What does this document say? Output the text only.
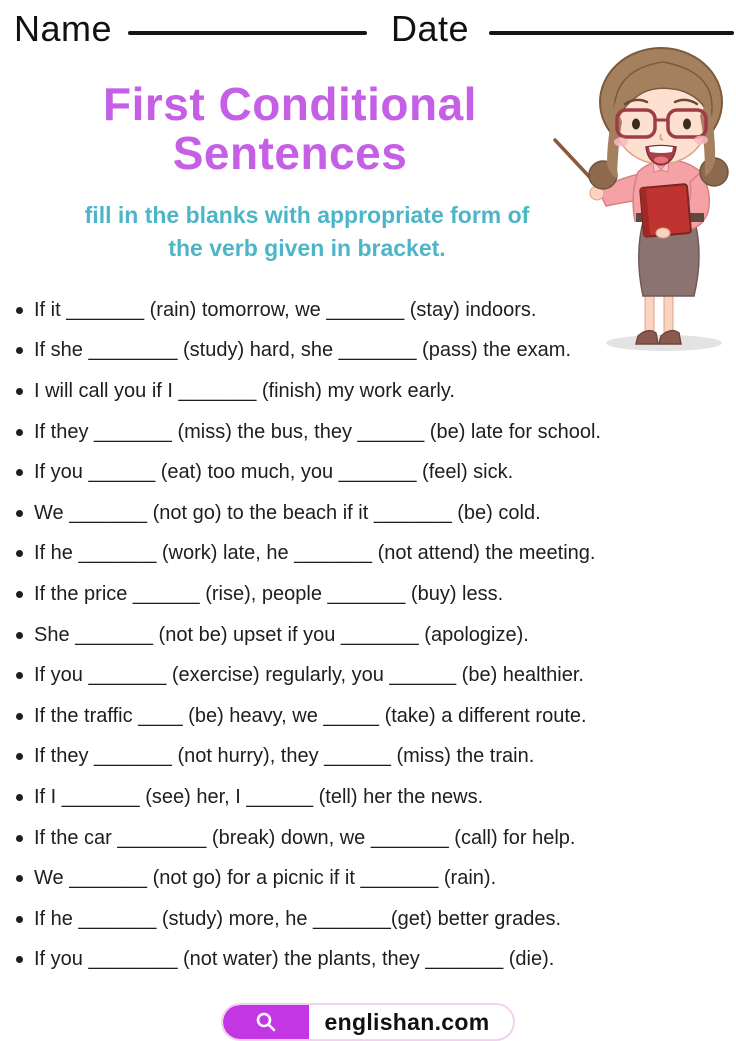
Name	Date
First Conditional
Sentences
fill in the blanks with appropriate form of
the verb given in bracket.
If it _______ (rain) tomorrow, we _______ (stay) indoors.
If she ________ (study) hard, she _______ (pass) the exam.
I will call you if I _______ (finish) my work early.
If they _______ (miss) the bus, they ______ (be) late for school.
If you ______ (eat) too much, you _______ (feel) sick.
We _______ (not go) to the beach if it _______ (be) cold.
If he _______ (work) late, he _______ (not attend) the meeting.
If the price ______ (rise), people _______ (buy) less.
She _______ (not be) upset if you _______ (apologize).
If you _______ (exercise) regularly, you ______ (be) healthier.
If the traffic ____ (be) heavy, we _____ (take) a different route.
If they _______ (not hurry), they ______ (miss) the train.
If I _______ (see) her, I ______ (tell) her the news.
If the car ________ (break) down, we _______ (call) for help.
We _______ (not go) for a picnic if it _______ (rain).
If he _______ (study) more, he _______(get) better grades.
If you ________ (not water) the plants, they _______ (die).
englishan.com
